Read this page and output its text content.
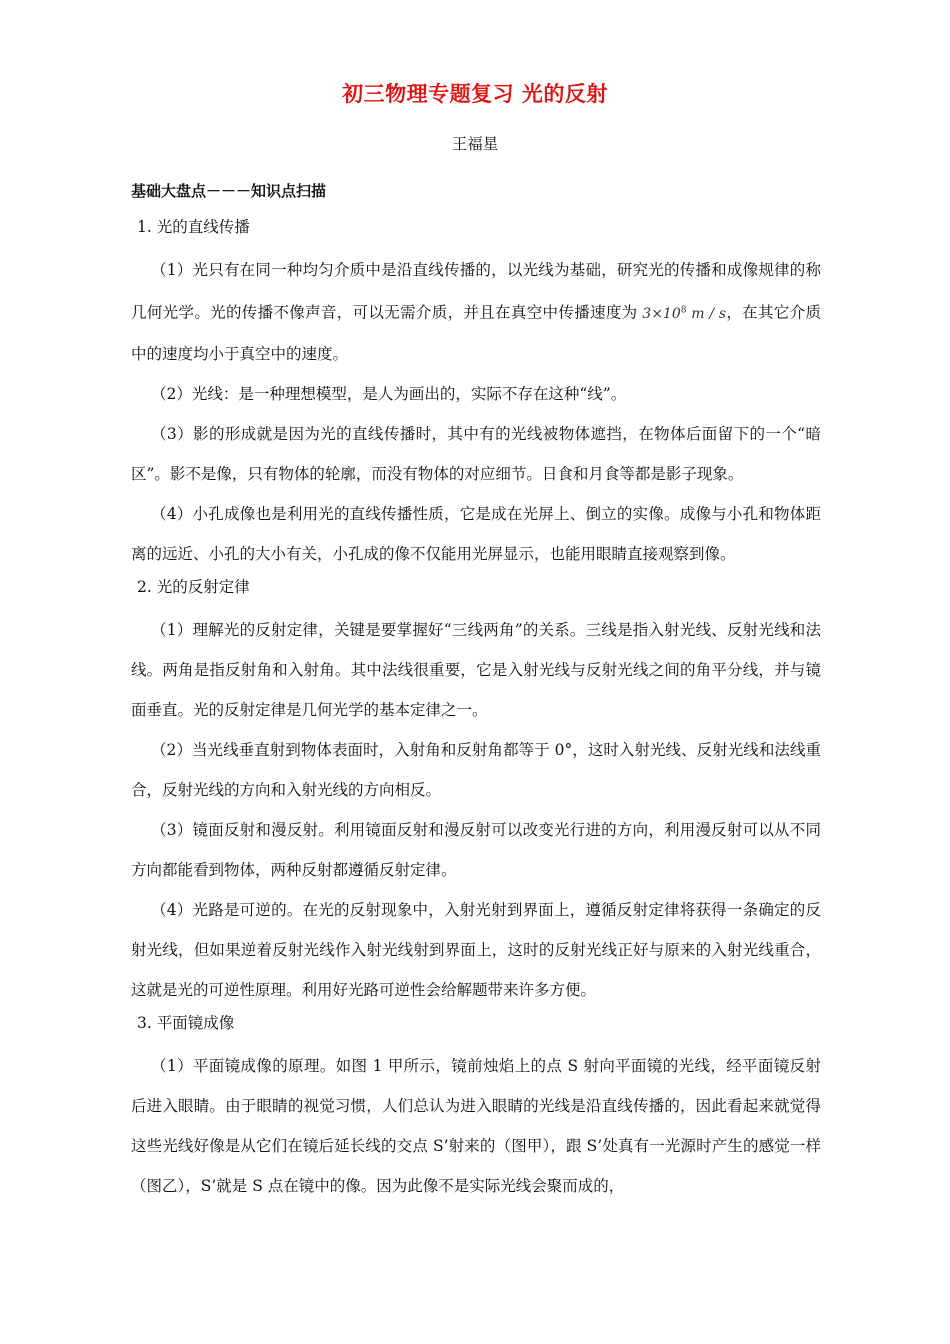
初三物理专题复习 光的反射
王福星
基础大盘点－－－知识点扫描
1. 光的直线传播
（1）光只有在同一种均匀介质中是沿直线传播的，以光线为基础，研究光的传播和成像规律的称几何光学。光的传播不像声音，可以无需介质，并且在真空中传播速度为 $3\times 10^8$ m / s，在其它介质中的速度均小于真空中的速度。
（2）光线：是一种理想模型，是人为画出的，实际不存在这种“线”。
（3）影的形成就是因为光的直线传播时，其中有的光线被物体遮挡，在物体后面留下的一个“暗区”。影不是像，只有物体的轮廓，而没有物体的对应细节。日食和月食等都是影子现象。
（4）小孔成像也是利用光的直线传播性质，它是成在光屏上、倒立的实像。成像与小孔和物体距离的远近、小孔的大小有关，小孔成的像不仅能用光屏显示，也能用眼睛直接观察到像。
2. 光的反射定律
（1）理解光的反射定律，关键是要掌握好“三线两角”的关系。三线是指入射光线、反射光线和法线。两角是指反射角和入射角。其中法线很重要，它是入射光线与反射光线之间的角平分线，并与镜面垂直。光的反射定律是几何光学的基本定律之一。
（2）当光线垂直射到物体表面时，入射角和反射角都等于 0°，这时入射光线、反射光线和法线重合，反射光线的方向和入射光线的方向相反。
（3）镜面反射和漫反射。利用镜面反射和漫反射可以改变光行进的方向，利用漫反射可以从不同方向都能看到物体，两种反射都遵循反射定律。
（4）光路是可逆的。在光的反射现象中，入射光射到界面上，遵循反射定律将获得一条确定的反射光线，但如果逆着反射光线作入射光线射到界面上，这时的反射光线正好与原来的入射光线重合，这就是光的可逆性原理。利用好光路可逆性会给解题带来许多方便。
3. 平面镜成像
（1）平面镜成像的原理。如图 1 甲所示，镜前烛焰上的点 S 射向平面镜的光线，经平面镜反射后进入眼睛。由于眼睛的视觉习惯，人们总认为进入眼睛的光线是沿直线传播的，因此看起来就觉得这些光线好像是从它们在镜后延长线的交点 S’射来的（图甲），跟 S’处真有一光源时产生的感觉一样（图乙），S’就是 S 点在镜中的像。因为此像不是实际光线会聚而成的，
